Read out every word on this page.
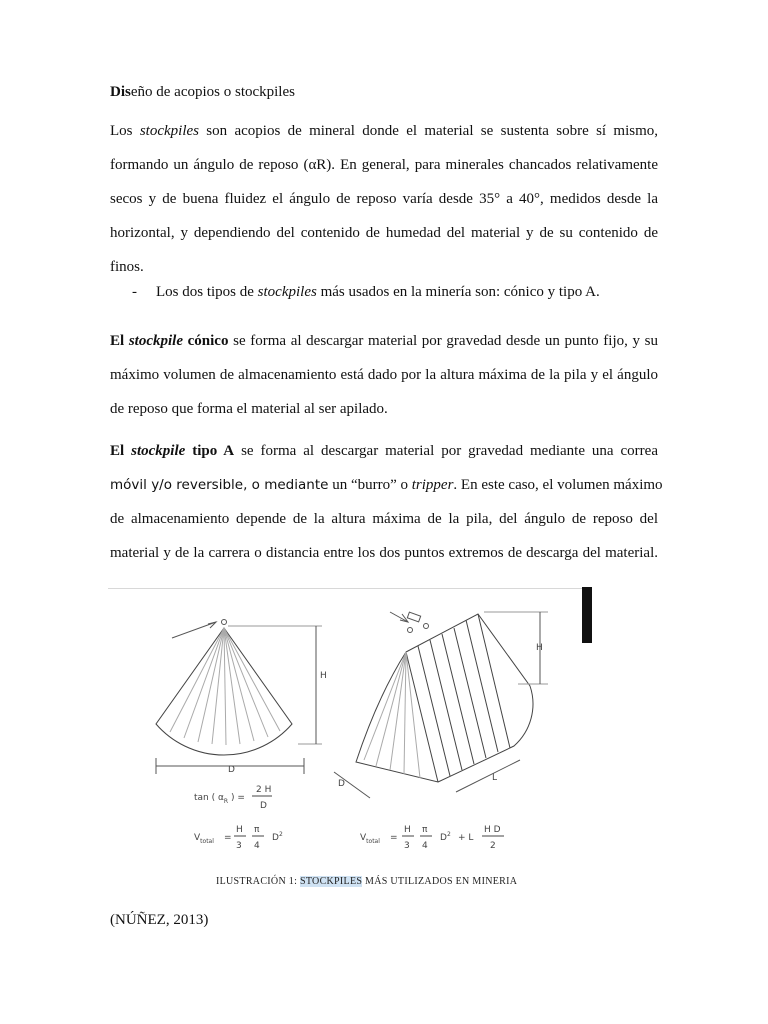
Diseño de acopios o stockpiles
Los stockpiles son acopios de mineral donde el material se sustenta sobre sí mismo,
formando un ángulo de reposo (αR). En general, para minerales chancados relativamente
secos y de buena fluidez el ángulo de reposo varía desde 35° a 40°, medidos desde la
horizontal, y dependiendo del contenido de humedad del material y de su contenido de
finos.
- Los dos tipos de stockpiles más usados en la minería son: cónico y tipo A.
El stockpile cónico se forma al descargar material por gravedad desde un punto fijo, y su
máximo volumen de almacenamiento está dado por la altura máxima de la pila y el ángulo
de reposo que forma el material al ser apilado.
El stockpile tipo A se forma al descargar material por gravedad mediante una correa
móvil y/o reversible, o mediante un “burro” o tripper. En este caso, el volumen máximo
de almacenamiento depende de la altura máxima de la pila, del ángulo de reposo del
material y de la carrera o distancia entre los dos puntos extremos de descarga del material.
H
D
tan ( $\alpha_R$ ) =
2 H
D
$V_{total}$ =
H
3
π
4
$D^2$
H
D
L
$V_{total}$ =
H
3
π
4
$D^2 + L$
H D
2
ILUSTRACIÓN 1: STOCKPILES MÁS UTILIZADOS EN MINERIA
(NÚÑEZ, 2013)
